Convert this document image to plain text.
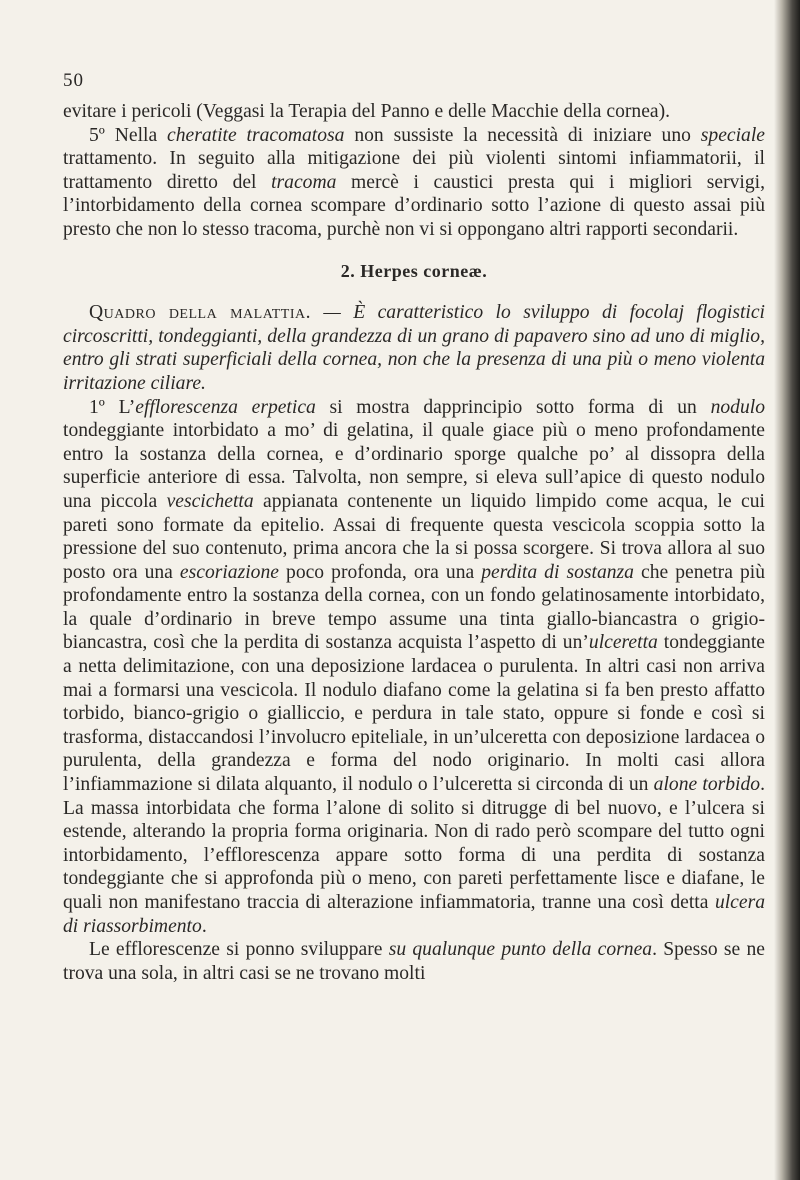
50

evitare i pericoli (Veggasi la Terapia del Panno e delle Macchie della cornea).

5º Nella cheratite tracomatosa non sussiste la necessità di iniziare uno speciale trattamento. In seguito alla mitigazione dei più violenti sintomi infiammatorii, il trattamento diretto del tracoma mercè i caustici presta qui i migliori servigi, l’intorbidamento della cornea scompare d’ordinario sotto l’azione di questo assai più presto che non lo stesso tracoma, purchè non vi si oppongano altri rapporti secondarii.

2. Herpes corneæ.

Quadro della malattia. — È caratteristico lo sviluppo di focolaj flogistici circoscritti, tondeggianti, della grandezza di un grano di papavero sino ad uno di miglio, entro gli strati superficiali della cornea, non che la presenza di una più o meno violenta irritazione ciliare.

1º L’efflorescenza erpetica si mostra dapprincipio sotto forma di un nodulo tondeggiante intorbidato a mo’ di gelatina, il quale giace più o meno profondamente entro la sostanza della cornea, e d’ordinario sporge qualche po’ al dissopra della superficie anteriore di essa. Talvolta, non sempre, si eleva sull’apice di questo nodulo una piccola vescichetta appianata contenente un liquido limpido come acqua, le cui pareti sono formate da epitelio. Assai di frequente questa vescicola scoppia sotto la pressione del suo contenuto, prima ancora che la si possa scorgere. Si trova allora al suo posto ora una escoriazione poco profonda, ora una perdita di sostanza che penetra più profondamente entro la sostanza della cornea, con un fondo gelatinosamente intorbidato, la quale d’ordinario in breve tempo assume una tinta giallo-biancastra o grigio-biancastra, così che la perdita di sostanza acquista l’aspetto di un’ulceretta tondeggiante a netta delimitazione, con una deposizione lardacea o purulenta. In altri casi non arriva mai a formarsi una vescicola. Il nodulo diafano come la gelatina si fa ben presto affatto torbido, bianco-grigio o gialliccio, e perdura in tale stato, oppure si fonde e così si trasforma, distaccandosi l’involucro epiteliale, in un’ulceretta con deposizione lardacea o purulenta, della grandezza e forma del nodo originario. In molti casi allora l’infiammazione si dilata alquanto, il nodulo o l’ulceretta si circonda di un alone torbido. La massa intorbidata che forma l’alone di solito si ditrugge di bel nuovo, e l’ulcera si estende, alterando la propria forma originaria. Non di rado però scompare del tutto ogni intorbidamento, l’efflorescenza appare sotto forma di una perdita di sostanza tondeggiante che si approfonda più o meno, con pareti perfettamente lisce e diafane, le quali non manifestano traccia di alterazione infiammatoria, tranne una così detta ulcera di riassorbimento.

Le efflorescenze si ponno sviluppare su qualunque punto della cornea. Spesso se ne trova una sola, in altri casi se ne trovano molti
